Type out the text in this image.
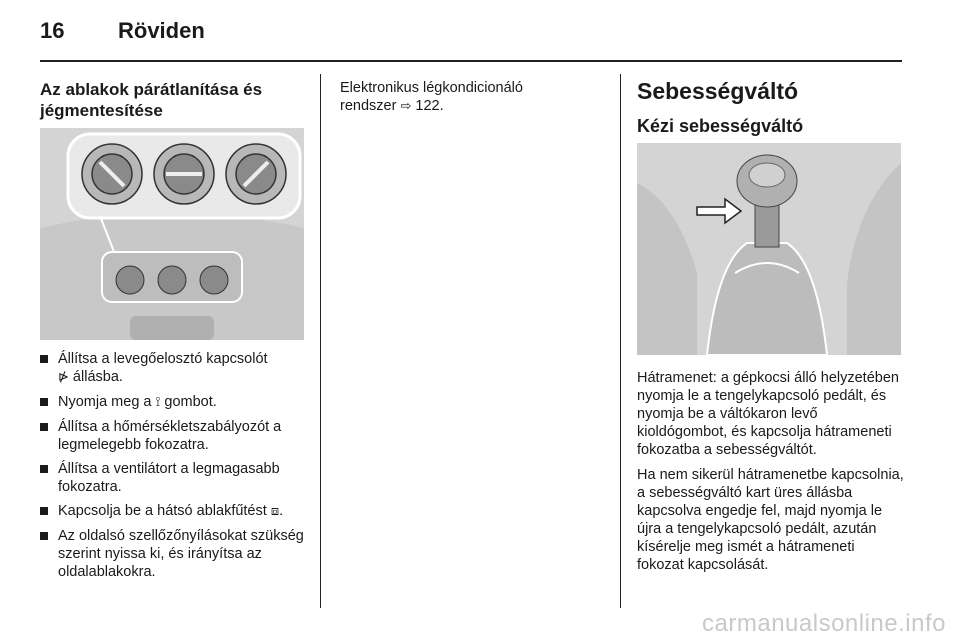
16 Röviden
Az ablakok párátlanítása és jégmentesítése
Állítsa a levegőelosztó kapcsolót
⋫ állásba.
Nyomja meg a ⟟ gombot.
Állítsa a hőmérsékletszabályozót a legmelegebb fokozatra.
Állítsa a ventilátort a legmagasabb fokozatra.
Kapcsolja be a hátsó ablakfűtést ⧈.
Az oldalsó szellőzőnyílásokat szükség szerint nyissa ki, és irányítsa az oldalablakokra.

Elektronikus légkondicionáló
rendszer ⇨ 122.

Sebességváltó
Kézi sebességváltó

Hátramenet: a gépkocsi álló helyzetében nyomja le a tengelykapcsoló pedált, és nyomja be a váltókaron levő kioldógombot, és kapcsolja hátrameneti fokozatba a sebességváltót.

Ha nem sikerül hátramenetbe kapcsolnia, a sebességváltó kart üres állásba kapcsolva engedje fel, majd nyomja le újra a tengelykapcsoló pedált, azután kísérelje meg ismét a hátrameneti fokozat kapcsolását.

carmanualsonline.info
